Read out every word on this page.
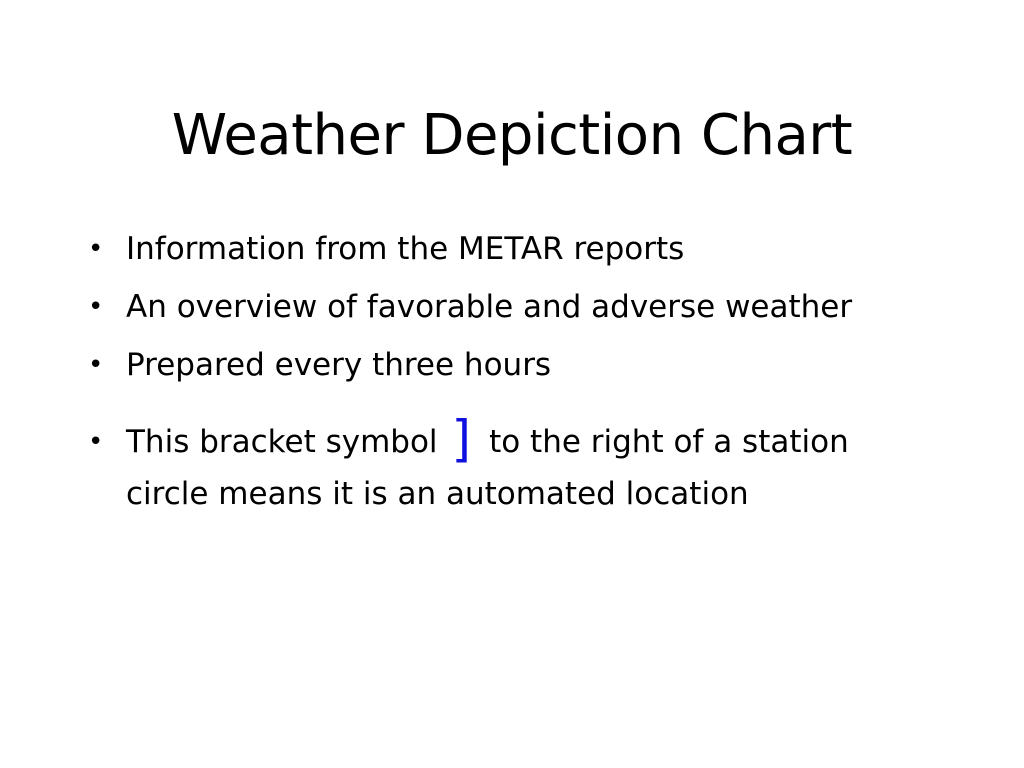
Weather Depiction Chart
• Information from the METAR reports
• An overview of favorable and adverse weather
• Prepared every three hours
• This bracket symbol ] to the right of a station circle means it is an automated location
